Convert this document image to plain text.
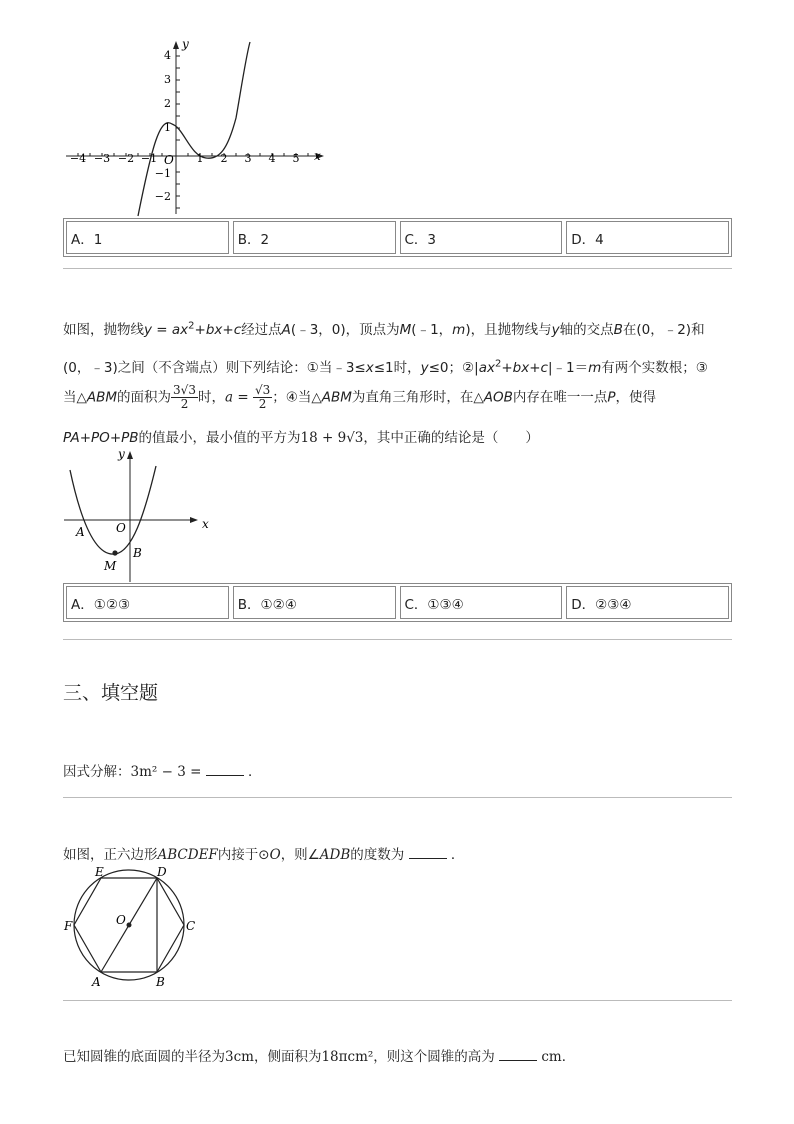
y
x
O
4
3
2
1
−1
−2
−4 −3 −2 −1	1 2 3 4 5
A．1	B．2	C．3	D．4
如图，抛物线$y = ax^2+bx+c$经过点A(﹣3，0)，顶点为M(﹣1，m)，且抛物线与y轴的交点B在(0，﹣2)和
(0，﹣3)之间（不含端点）则下列结论：①当﹣3≤x≤1时，y≤0；$②|ax^2+bx+c|﹣1=m$有两个实数根；③
当△ABM的面积为 $\frac{3√3}{2}$ 时，$a = \frac{√3}{2}$ ；④当△ABM为直角三角形时，在△AOB内存在唯一一点P，使得
PA+PO+PB的值最小，最小值的平方为18 + 9√3，其中正确的结论是（　　）
y
x
O
A
B
M
A．①②③	B．①②④	C．①③④	D．②③④
三、填空题
因式分解：3m² − 3 =	．
如图，正六边形ABCDEF内接于⊙O，则∠ADB的度数为	．
A	B
C
D
E
F	O
已知圆锥的底面圆的半径为3cm，侧面积为18πcm²，则这个圆锥的高为	cm．
